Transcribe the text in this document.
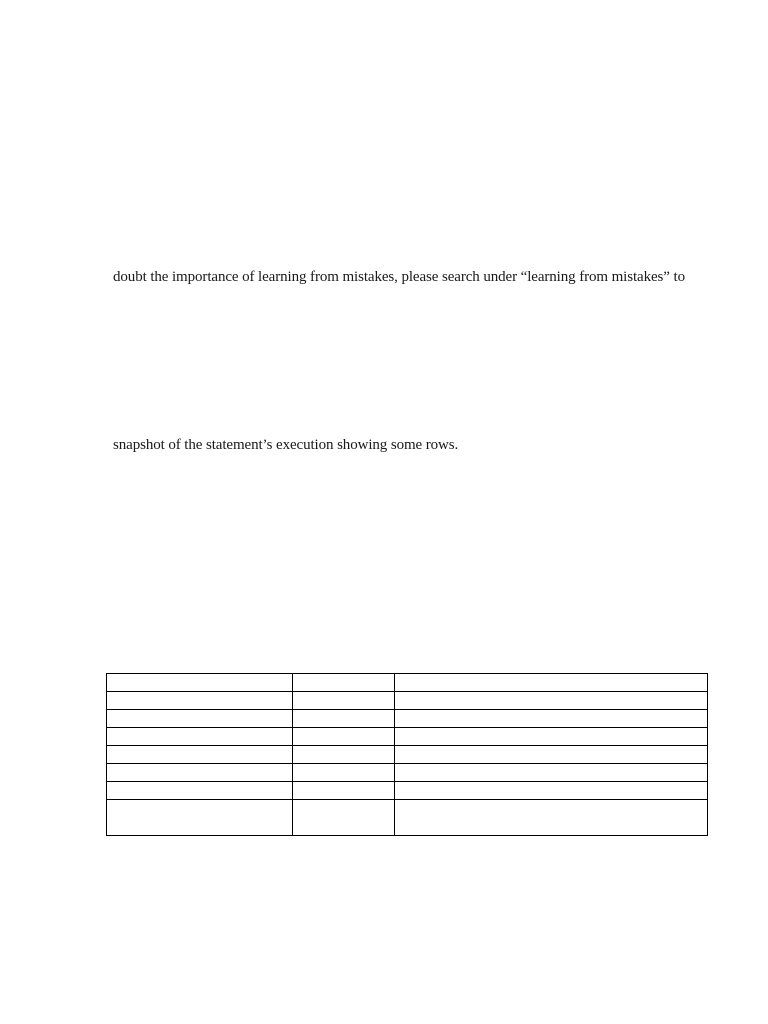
doubt the importance of learning from mistakes, please search under “learning from mistakes” to
snapshot of the statement’s execution showing some rows.
